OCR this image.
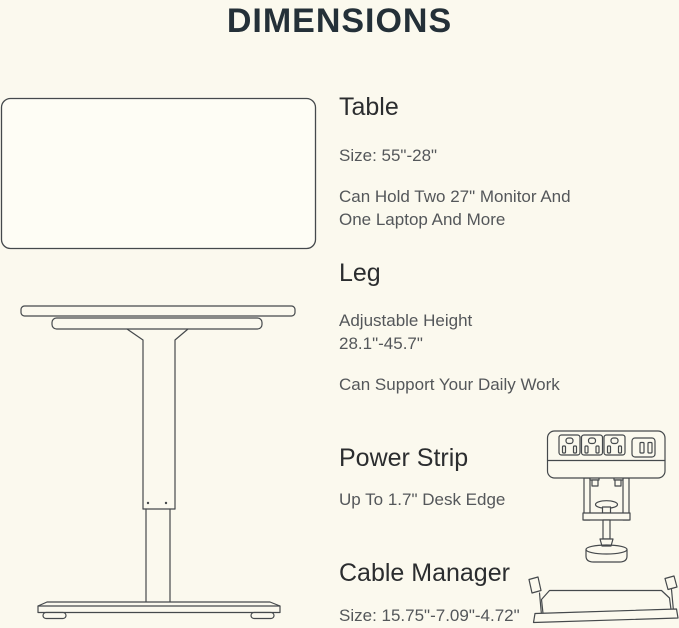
DIMENSIONS
Table
Size: 55"-28"
Can Hold Two 27" Monitor And
One Laptop And More
Leg
Adjustable Height
28.1"-45.7"
Can Support Your Daily Work
Power Strip
Up To 1.7" Desk Edge
Cable Manager
Size: 15.75"-7.09"-4.72"
